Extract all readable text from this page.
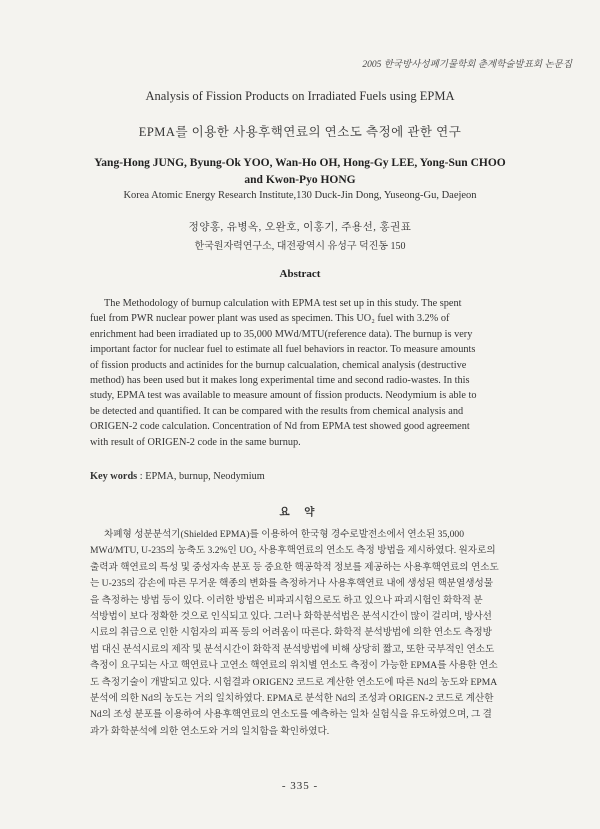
2005 한국방사성폐기물학회 춘계학술발표회 논문집
Analysis of Fission Products on Irradiated Fuels using EPMA
EPMA를 이용한 사용후핵연료의 연소도 측정에 관한 연구
Yang-Hong JUNG, Byung-Ok YOO, Wan-Ho OH, Hong-Gy LEE, Yong-Sun CHOO
and Kwon-Pyo HONG
Korea Atomic Energy Research Institute,130 Duck-Jin Dong, Yuseong-Gu, Daejeon
정양홍, 유병옥, 오완호, 이홍기, 주용선, 홍권표
한국원자력연구소, 대전광역시 유성구 덕진동 150
Abstract
The Methodology of burnup calculation with EPMA test set up in this study. The spent
fuel from PWR nuclear power plant was used as specimen. This UO₂ fuel with 3.2% of
enrichment had been irradiated up to 35,000 MWd/MTU(reference data). The burnup is very
important factor for nuclear fuel to estimate all fuel behaviors in reactor. To measure amounts
of fission products and actinides for the burnup calcualation, chemical analysis (destructive
method) has been used but it makes long experimental time and second radio-wastes. In this
study, EPMA test was available to measure amount of fission products. Neodymium is able to
be detected and quantified. It can be compared with the results from chemical analysis and
ORIGEN-2 code calculation. Concentration of Nd from EPMA test showed good agreement
with result of ORIGEN-2 code in the same burnup.
Key words : EPMA, burnup, Neodymium
요 약
차폐형 성분분석기(Shielded EPMA)를 이용하여 한국형 경수로발전소에서 연소된 35,000
MWd/MTU, U-235의 농축도 3.2%인 UO₂ 사용후핵연료의 연소도 측정 방법을 제시하였다. 원자로의
출력과 핵연료의 특성 및 중성자속 분포 등 중요한 핵공학적 정보를 제공하는 사용후핵연료의 연소도
는 U-235의 감손에 따른 무거운 핵종의 변화를 측정하거나 사용후핵연료 내에 생성된 핵분열생성물
을 측정하는 방법 등이 있다. 이러한 방법은 비파괴시험으로도 하고 있으나 파괴시험인 화학적 분
석방법이 보다 정확한 것으로 인식되고 있다. 그러나 화학분석법은 분석시간이 많이 걸리며, 방사선
시료의 취급으로 인한 시험자의 피폭 등의 어려움이 따른다. 화학적 분석방법에 의한 연소도 측정방
법 대신 분석시료의 제작 및 분석시간이 화학적 분석방법에 비해 상당히 짧고, 또한 국부적인 연소도
측정이 요구되는 사고 핵연료나 고연소 핵연료의 위치별 연소도 측정이 가능한 EPMA를 사용한 연소
도 측정기술이 개발되고 있다. 시험결과 ORIGEN2 코드로 계산한 연소도에 따른 Nd의 농도와 EPMA
분석에 의한 Nd의 농도는 거의 일치하였다. EPMA로 분석한 Nd의 조성과 ORIGEN-2 코드로 계산한
Nd의 조성 분포를 이용하여 사용후핵연료의 연소도를 예측하는 일차 실험식을 유도하였으며, 그 결
과가 화학분석에 의한 연소도와 거의 일치함을 확인하였다.
- 335 -
